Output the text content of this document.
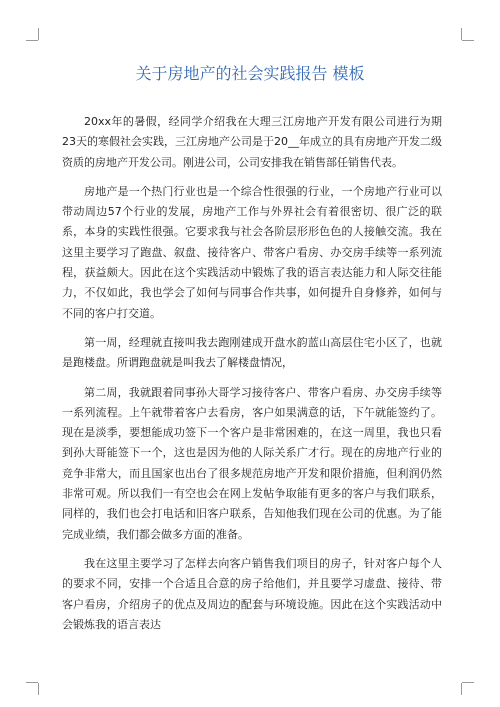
关于房地产的社会实践报告 模板

20xx年的暑假，经同学介绍我在大理三江房地产开发有限公司进行为期23天的寒假社会实践，三江房地产公司是于20__年成立的具有房地产开发二级资质的房地产开发公司。刚进公司，公司安排我在销售部任销售代表。

房地产是一个热门行业也是一个综合性很强的行业，一个房地产行业可以带动周边57个行业的发展，房地产工作与外界社会有着很密切、很广泛的联系，本身的实践性很强。它要求我与社会各阶层形形色色的人接触交流。我在这里主要学习了跑盘、叙盘、接待客户、带客户看房、办交房手续等一系列流程，获益颇大。因此在这个实践活动中锻炼了我的语言表达能力和人际交往能力，不仅如此，我也学会了如何与同事合作共事，如何提升自身修养，如何与不同的客户打交道。

第一周，经理就直接叫我去跑刚建成开盘水韵蓝山高层住宅小区了，也就是跑楼盘。所谓跑盘就是叫我去了解楼盘情况，

第二周，我就跟着同事孙大哥学习接待客户、带客户看房、办交房手续等一系列流程。上午就带着客户去看房，客户如果满意的话，下午就能签约了。现在是淡季，要想能成功签下一个客户是非常困难的，在这一周里，我也只看到孙大哥能签下一个，这也是因为他的人际关系广才行。现在的房地产行业的竞争非常大，而且国家也出台了很多规范房地产开发和限价措施，但利润仍然非常可观。所以我们一有空也会在网上发帖争取能有更多的客户与我们联系，同样的，我们也会打电话和旧客户联系，告知他我们现在公司的优惠。为了能完成业绩，我们都会做多方面的准备。

我在这里主要学习了怎样去向客户销售我们项目的房子，针对客户每个人的要求不同，安排一个合适且合意的房子给他们，并且要学习虚盘、接待、带客户看房，介绍房子的优点及周边的配套与环境设施。因此在这个实践活动中会锻炼我的语言表达
